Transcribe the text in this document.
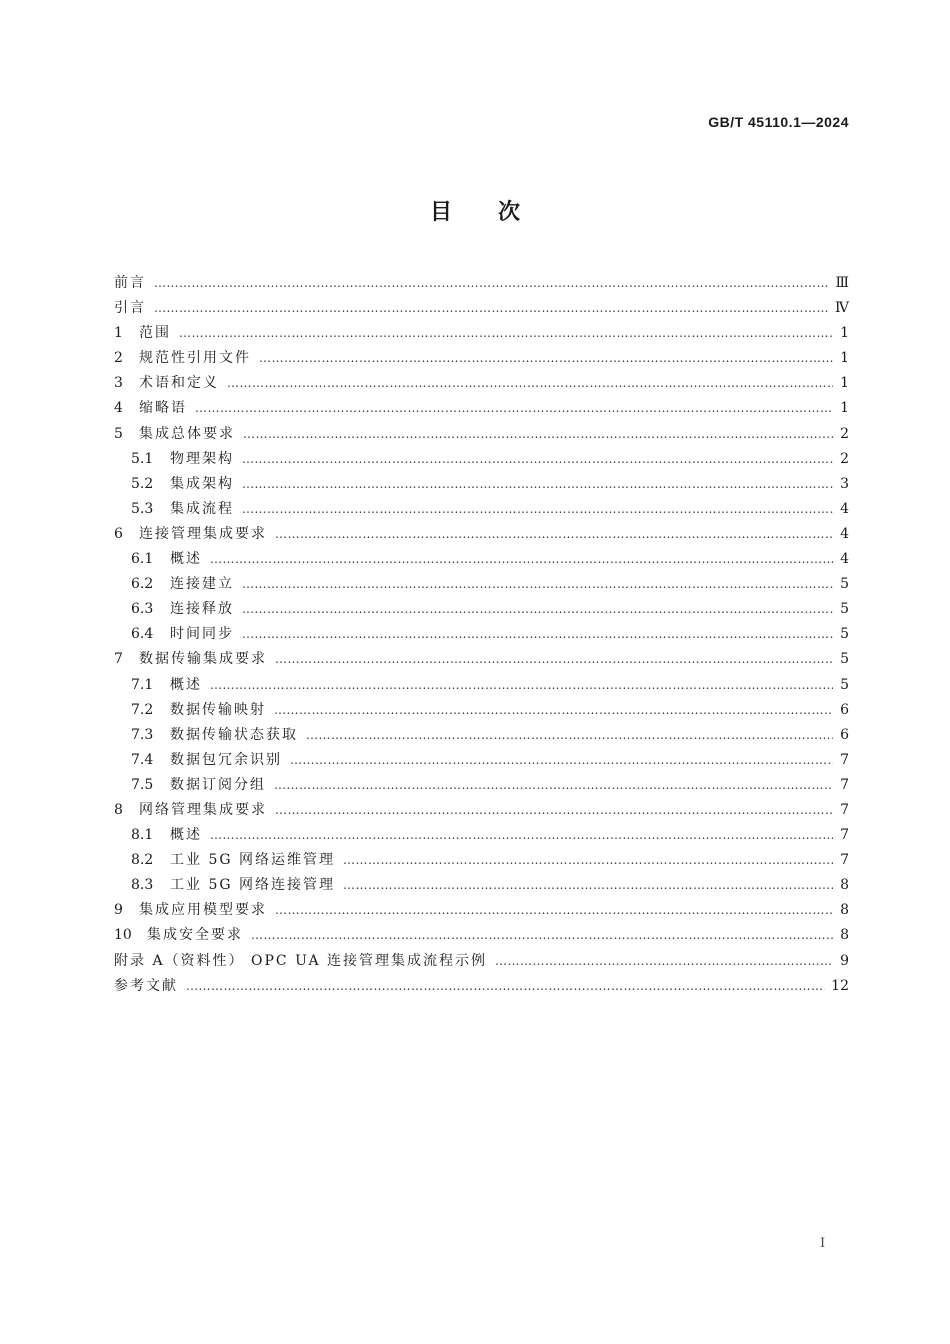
GB/T 45110.1—2024
目次
前言 …………………………………………………………………………………………………………………………………………………………………………………………………………………………	Ⅲ
引言 …………………………………………………………………………………………………………………………………………………………………………………………………………………………	Ⅳ
1	范围 …………………………………………………………………………………………………………………………………………………………………………………………………………………………	1
2	规范性引用文件 …………………………………………………………………………………………………………………………………………………………………………………………………………………………	1
3	术语和定义 …………………………………………………………………………………………………………………………………………………………………………………………………………………………	1
4	缩略语 …………………………………………………………………………………………………………………………………………………………………………………………………………………………	1
5	集成总体要求 …………………………………………………………………………………………………………………………………………………………………………………………………………………………	2
5.1	物理架构 …………………………………………………………………………………………………………………………………………………………………………………………………………………………	2
5.2	集成架构 …………………………………………………………………………………………………………………………………………………………………………………………………………………………	3
5.3	集成流程 …………………………………………………………………………………………………………………………………………………………………………………………………………………………	4
6	连接管理集成要求 …………………………………………………………………………………………………………………………………………………………………………………………………………………………	4
6.1	概述 …………………………………………………………………………………………………………………………………………………………………………………………………………………………	4
6.2	连接建立 …………………………………………………………………………………………………………………………………………………………………………………………………………………………	5
6.3	连接释放 …………………………………………………………………………………………………………………………………………………………………………………………………………………………	5
6.4	时间同步 …………………………………………………………………………………………………………………………………………………………………………………………………………………………	5
7	数据传输集成要求 …………………………………………………………………………………………………………………………………………………………………………………………………………………………	5
7.1	概述 …………………………………………………………………………………………………………………………………………………………………………………………………………………………	5
7.2	数据传输映射 …………………………………………………………………………………………………………………………………………………………………………………………………………………………	6
7.3	数据传输状态获取 …………………………………………………………………………………………………………………………………………………………………………………………………………………………	6
7.4	数据包冗余识别 …………………………………………………………………………………………………………………………………………………………………………………………………………………………	7
7.5	数据订阅分组 …………………………………………………………………………………………………………………………………………………………………………………………………………………………	7
8	网络管理集成要求 …………………………………………………………………………………………………………………………………………………………………………………………………………………………	7
8.1	概述 …………………………………………………………………………………………………………………………………………………………………………………………………………………………	7
8.2	工业 5G 网络运维管理 …………………………………………………………………………………………………………………………………………………………………………………………………………………………	7
8.3	工业 5G 网络连接管理 …………………………………………………………………………………………………………………………………………………………………………………………………………………………	8
9	集成应用模型要求 …………………………………………………………………………………………………………………………………………………………………………………………………………………………	8
10	集成安全要求 …………………………………………………………………………………………………………………………………………………………………………………………………………………………	8
附录 A（资料性） OPC UA 连接管理集成流程示例 …………………………………………………………………………………………………………………………………………………………………………………………………………………………	9
参考文献 …………………………………………………………………………………………………………………………………………………………………………………………………………………………	12
Ⅰ
